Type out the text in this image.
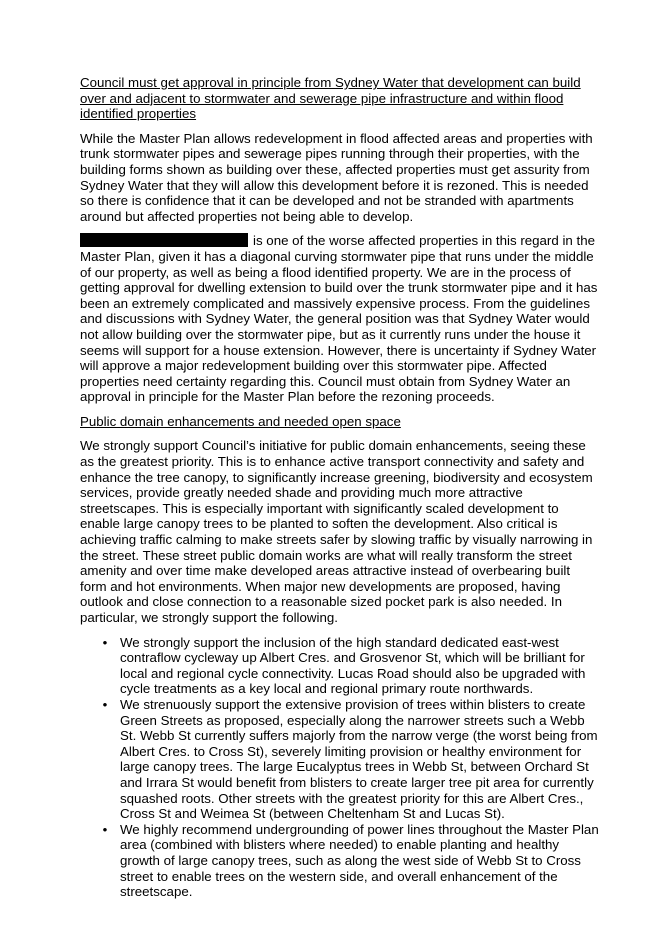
Council must get approval in principle from Sydney Water that development can build over and adjacent to stormwater and sewerage pipe infrastructure and within flood identified properties

While the Master Plan allows redevelopment in flood affected areas and properties with trunk stormwater pipes and sewerage pipes running through their properties, with the building forms shown as building over these, affected properties must get assurity from Sydney Water that they will allow this development before it is rezoned. This is needed so there is confidence that it can be developed and not be stranded with apartments around but affected properties not being able to develop.

is one of the worse affected properties in this regard in the Master Plan, given it has a diagonal curving stormwater pipe that runs under the middle of our property, as well as being a flood identified property. We are in the process of getting approval for dwelling extension to build over the trunk stormwater pipe and it has been an extremely complicated and massively expensive process. From the guidelines and discussions with Sydney Water, the general position was that Sydney Water would not allow building over the stormwater pipe, but as it currently runs under the house it seems will support for a house extension. However, there is uncertainty if Sydney Water will approve a major redevelopment building over this stormwater pipe. Affected properties need certainty regarding this. Council must obtain from Sydney Water an approval in principle for the Master Plan before the rezoning proceeds.

Public domain enhancements and needed open space

We strongly support Council’s initiative for public domain enhancements, seeing these as the greatest priority. This is to enhance active transport connectivity and safety and enhance the tree canopy, to significantly increase greening, biodiversity and ecosystem services, provide greatly needed shade and providing much more attractive streetscapes. This is especially important with significantly scaled development to enable large canopy trees to be planted to soften the development. Also critical is achieving traffic calming to make streets safer by slowing traffic by visually narrowing in the street. These street public domain works are what will really transform the street amenity and over time make developed areas attractive instead of overbearing built form and hot environments. When major new developments are proposed, having outlook and close connection to a reasonable sized pocket park is also needed. In particular, we strongly support the following.

• We strongly support the inclusion of the high standard dedicated east-west contraflow cycleway up Albert Cres. and Grosvenor St, which will be brilliant for local and regional cycle connectivity. Lucas Road should also be upgraded with cycle treatments as a key local and regional primary route northwards.
• We strenuously support the extensive provision of trees within blisters to create Green Streets as proposed, especially along the narrower streets such a Webb St. Webb St currently suffers majorly from the narrow verge (the worst being from Albert Cres. to Cross St), severely limiting provision or healthy environment for large canopy trees. The large Eucalyptus trees in Webb St, between Orchard St and Irrara St would benefit from blisters to create larger tree pit area for currently squashed roots. Other streets with the greatest priority for this are Albert Cres., Cross St and Weimea St (between Cheltenham St and Lucas St).
• We highly recommend undergrounding of power lines throughout the Master Plan area (combined with blisters where needed) to enable planting and healthy growth of large canopy trees, such as along the west side of Webb St to Cross street to enable trees on the western side, and overall enhancement of the streetscape.
